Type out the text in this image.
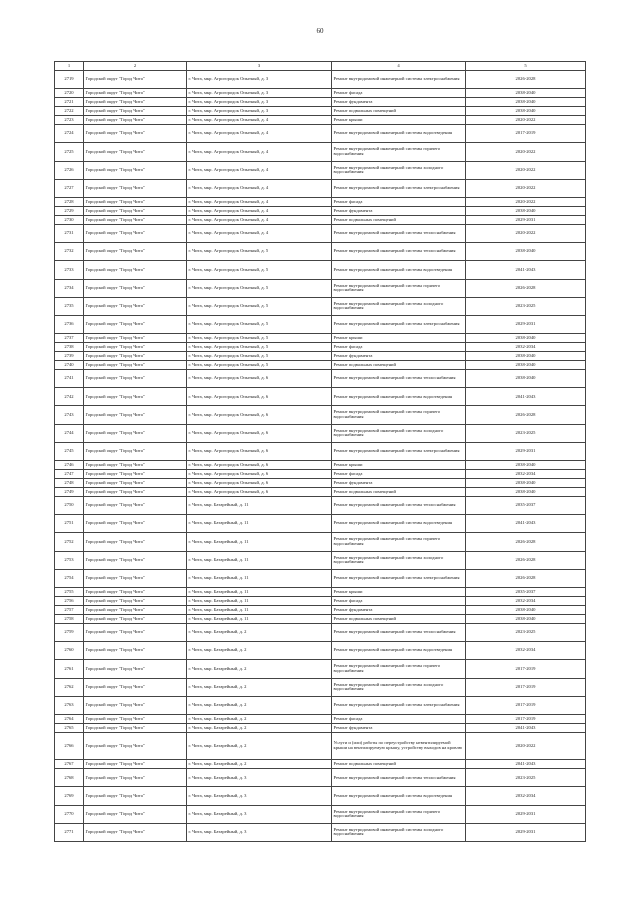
60
1	2	3	4	5
2719	Городской округ "Город Чита"	г. Чита, мкр. Агрогородок Опытный, д. 3	Ремонт внутридомовой инженерной системы электроснабжения	2026-2028
2720	Городской округ "Город Чита"	г. Чита, мкр. Агрогородок Опытный, д. 3	Ремонт фасада	2038-2040
2721	Городской округ "Город Чита"	г. Чита, мкр. Агрогородок Опытный, д. 3	Ремонт фундамента	2038-2040
2722	Городской округ "Город Чита"	г. Чита, мкр. Агрогородок Опытный, д. 3	Ремонт подвальных помещений	2038-2040
2723	Городской округ "Город Чита"	г. Чита, мкр. Агрогородок Опытный, д. 4	Ремонт крыши	2020-2022
2724	Городской округ "Город Чита"	г. Чита, мкр. Агрогородок Опытный, д. 4	Ремонт внутридомовой инженерной системы водоотведения	2017-2019
2725	Городской округ "Город Чита"	г. Чита, мкр. Агрогородок Опытный, д. 4	Ремонт внутридомовой инженерной системы горячего водоснабжения	2020-2022
2726	Городской округ "Город Чита"	г. Чита, мкр. Агрогородок Опытный, д. 4	Ремонт внутридомовой инженерной системы холодного водоснабжения	2020-2022
2727	Городской округ "Город Чита"	г. Чита, мкр. Агрогородок Опытный, д. 4	Ремонт внутридомовой инженерной системы электроснабжения	2020-2022
2728	Городской округ "Город Чита"	г. Чита, мкр. Агрогородок Опытный, д. 4	Ремонт фасада	2020-2022
2729	Городской округ "Город Чита"	г. Чита, мкр. Агрогородок Опытный, д. 4	Ремонт фундамента	2038-2040
2730	Городской округ "Город Чита"	г. Чита, мкр. Агрогородок Опытный, д. 4	Ремонт подвальных помещений	2029-2031
2731	Городской округ "Город Чита"	г. Чита, мкр. Агрогородок Опытный, д. 4	Ремонт внутридомовой инженерной системы теплоснабжения	2020-2022
2732	Городской округ "Город Чита"	г. Чита, мкр. Агрогородок Опытный, д. 5	Ремонт внутридомовой инженерной системы теплоснабжения	2038-2040
2733	Городской округ "Город Чита"	г. Чита, мкр. Агрогородок Опытный, д. 5	Ремонт внутридомовой инженерной системы водоотведения	2041-2043
2734	Городской округ "Город Чита"	г. Чита, мкр. Агрогородок Опытный, д. 5	Ремонт внутридомовой инженерной системы горячего водоснабжения	2026-2028
2735	Городской округ "Город Чита"	г. Чита, мкр. Агрогородок Опытный, д. 5	Ремонт внутридомовой инженерной системы холодного водоснабжения	2023-2025
2736	Городской округ "Город Чита"	г. Чита, мкр. Агрогородок Опытный, д. 5	Ремонт внутридомовой инженерной системы электроснабжения	2029-2031
2737	Городской округ "Город Чита"	г. Чита, мкр. Агрогородок Опытный, д. 5	Ремонт крыши	2038-2040
2738	Городской округ "Город Чита"	г. Чита, мкр. Агрогородок Опытный, д. 5	Ремонт фасада	2032-2034
2739	Городской округ "Город Чита"	г. Чита, мкр. Агрогородок Опытный, д. 5	Ремонт фундамента	2038-2040
2740	Городской округ "Город Чита"	г. Чита, мкр. Агрогородок Опытный, д. 5	Ремонт подвальных помещений	2038-2040
2741	Городской округ "Город Чита"	г. Чита, мкр. Агрогородок Опытный, д. 6	Ремонт внутридомовой инженерной системы теплоснабжения	2038-2040
2742	Городской округ "Город Чита"	г. Чита, мкр. Агрогородок Опытный, д. 6	Ремонт внутридомовой инженерной системы водоотведения	2041-2043
2743	Городской округ "Город Чита"	г. Чита, мкр. Агрогородок Опытный, д. 6	Ремонт внутридомовой инженерной системы горячего водоснабжения	2026-2028
2744	Городской округ "Город Чита"	г. Чита, мкр. Агрогородок Опытный, д. 6	Ремонт внутридомовой инженерной системы холодного водоснабжения	2023-2025
2745	Городской округ "Город Чита"	г. Чита, мкр. Агрогородок Опытный, д. 6	Ремонт внутридомовой инженерной системы электроснабжения	2029-2031
2746	Городской округ "Город Чита"	г. Чита, мкр. Агрогородок Опытный, д. 6	Ремонт крыши	2038-2040
2747	Городской округ "Город Чита"	г. Чита, мкр. Агрогородок Опытный, д. 6	Ремонт фасада	2032-2034
2748	Городской округ "Город Чита"	г. Чита, мкр. Агрогородок Опытный, д. 6	Ремонт фундамента	2038-2040
2749	Городской округ "Город Чита"	г. Чита, мкр. Агрогородок Опытный, д. 6	Ремонт подвальных помещений	2038-2040
2750	Городской округ "Город Чита"	г. Чита, мкр. Батарейный, д. 11	Ремонт внутридомовой инженерной системы теплоснабжения	2035-2037
2751	Городской округ "Город Чита"	г. Чита, мкр. Батарейный, д. 11	Ремонт внутридомовой инженерной системы водоотведения	2041-2043
2752	Городской округ "Город Чита"	г. Чита, мкр. Батарейный, д. 11	Ремонт внутридомовой инженерной системы горячего водоснабжения	2026-2028
2753	Городской округ "Город Чита"	г. Чита, мкр. Батарейный, д. 11	Ремонт внутридомовой инженерной системы холодного водоснабжения	2026-2028
2754	Городской округ "Город Чита"	г. Чита, мкр. Батарейный, д. 11	Ремонт внутридомовой инженерной системы электроснабжения	2026-2028
2755	Городской округ "Город Чита"	г. Чита, мкр. Батарейный, д. 11	Ремонт крыши	2035-2037
2756	Городской округ "Город Чита"	г. Чита, мкр. Батарейный, д. 11	Ремонт фасада	2032-2034
2757	Городской округ "Город Чита"	г. Чита, мкр. Батарейный, д. 11	Ремонт фундамента	2038-2040
2758	Городской округ "Город Чита"	г. Чита, мкр. Батарейный, д. 11	Ремонт подвальных помещений	2038-2040
2759	Городской округ "Город Чита"	г. Чита, мкр. Батарейный, д. 2	Ремонт внутридомовой инженерной системы теплоснабжения	2023-2025
2760	Городской округ "Город Чита"	г. Чита, мкр. Батарейный, д. 2	Ремонт внутридомовой инженерной системы водоотведения	2032-2034
2761	Городской округ "Город Чита"	г. Чита, мкр. Батарейный, д. 2	Ремонт внутридомовой инженерной системы горячего водоснабжения	2017-2019
2762	Городской округ "Город Чита"	г. Чита, мкр. Батарейный, д. 2	Ремонт внутридомовой инженерной системы холодного водоснабжения	2017-2019
2763	Городской округ "Город Чита"	г. Чита, мкр. Батарейный, д. 2	Ремонт внутридомовой инженерной системы электроснабжения	2017-2019
2764	Городской округ "Город Чита"	г. Чита, мкр. Батарейный, д. 2	Ремонт фасада	2017-2019
2765	Городской округ "Город Чита"	г. Чита, мкр. Батарейный, д. 2	Ремонт фундамента	2041-2043
2766	Городской округ "Город Чита"	г. Чита, мкр. Батарейный, д. 2	Услуги и (или) работы по переустройству невентилируемой крыши на вентилируемую крышу, устройству выходов на кровлю	2020-2022
2767	Городской округ "Город Чита"	г. Чита, мкр. Батарейный, д. 2	Ремонт подвальных помещений	2041-2043
2768	Городской округ "Город Чита"	г. Чита, мкр. Батарейный, д. 3	Ремонт внутридомовой инженерной системы теплоснабжения	2023-2025
2769	Городской округ "Город Чита"	г. Чита, мкр. Батарейный, д. 3	Ремонт внутридомовой инженерной системы водоотведения	2032-2034
2770	Городской округ "Город Чита"	г. Чита, мкр. Батарейный, д. 3	Ремонт внутридомовой инженерной системы горячего водоснабжения	2029-2031
2771	Городской округ "Город Чита"	г. Чита, мкр. Батарейный, д. 3	Ремонт внутридомовой инженерной системы холодного водоснабжения	2029-2031
